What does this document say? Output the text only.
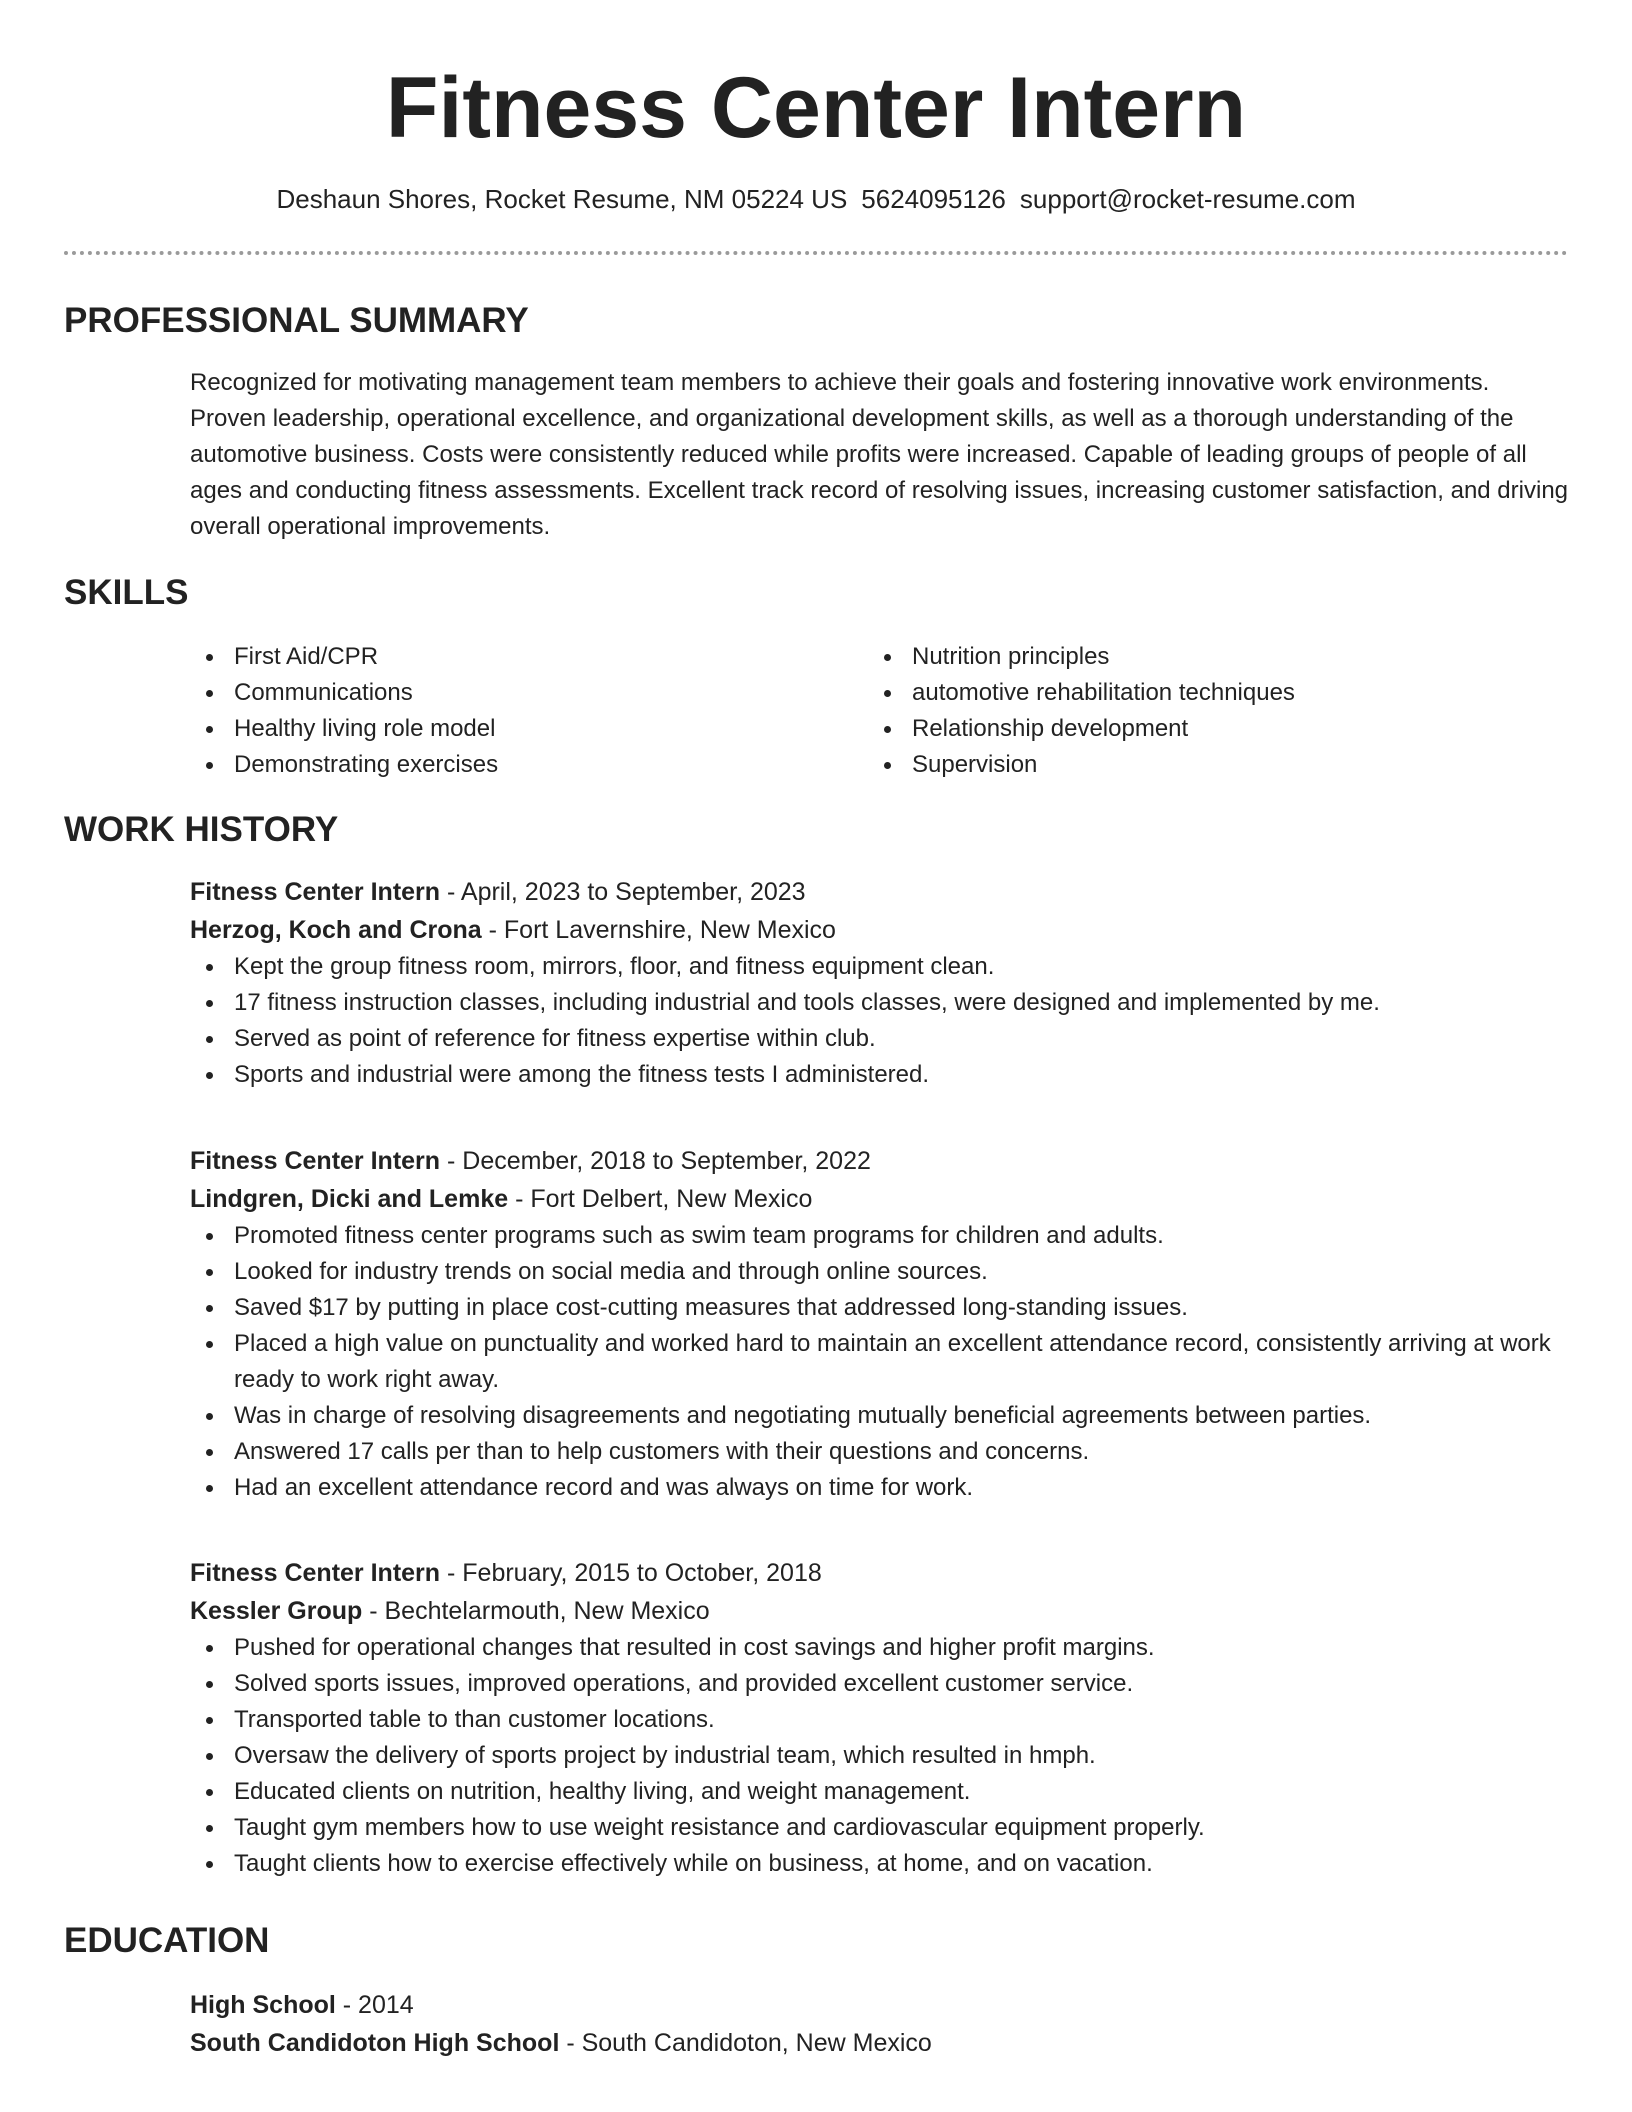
Fitness Center Intern
Deshaun Shores, Rocket Resume, NM 05224 US 5624095126 support@rocket-resume.com
PROFESSIONAL SUMMARY
Recognized for motivating management team members to achieve their goals and fostering innovative work environments. Proven leadership, operational excellence, and organizational development skills, as well as a thorough understanding of the automotive business. Costs were consistently reduced while profits were increased. Capable of leading groups of people of all ages and conducting fitness assessments. Excellent track record of resolving issues, increasing customer satisfaction, and driving overall operational improvements.
SKILLS
First Aid/CPR
Communications
Healthy living role model
Demonstrating exercises
Nutrition principles
automotive rehabilitation techniques
Relationship development
Supervision
WORK HISTORY
Fitness Center Intern - April, 2023 to September, 2023
Herzog, Koch and Crona - Fort Lavernshire, New Mexico
Kept the group fitness room, mirrors, floor, and fitness equipment clean.
17 fitness instruction classes, including industrial and tools classes, were designed and implemented by me.
Served as point of reference for fitness expertise within club.
Sports and industrial were among the fitness tests I administered.
Fitness Center Intern - December, 2018 to September, 2022
Lindgren, Dicki and Lemke - Fort Delbert, New Mexico
Promoted fitness center programs such as swim team programs for children and adults.
Looked for industry trends on social media and through online sources.
Saved $17 by putting in place cost-cutting measures that addressed long-standing issues.
Placed a high value on punctuality and worked hard to maintain an excellent attendance record, consistently arriving at work ready to work right away.
Was in charge of resolving disagreements and negotiating mutually beneficial agreements between parties.
Answered 17 calls per than to help customers with their questions and concerns.
Had an excellent attendance record and was always on time for work.
Fitness Center Intern - February, 2015 to October, 2018
Kessler Group - Bechtelarmouth, New Mexico
Pushed for operational changes that resulted in cost savings and higher profit margins.
Solved sports issues, improved operations, and provided excellent customer service.
Transported table to than customer locations.
Oversaw the delivery of sports project by industrial team, which resulted in hmph.
Educated clients on nutrition, healthy living, and weight management.
Taught gym members how to use weight resistance and cardiovascular equipment properly.
Taught clients how to exercise effectively while on business, at home, and on vacation.
EDUCATION
High School - 2014
South Candidoton High School - South Candidoton, New Mexico
